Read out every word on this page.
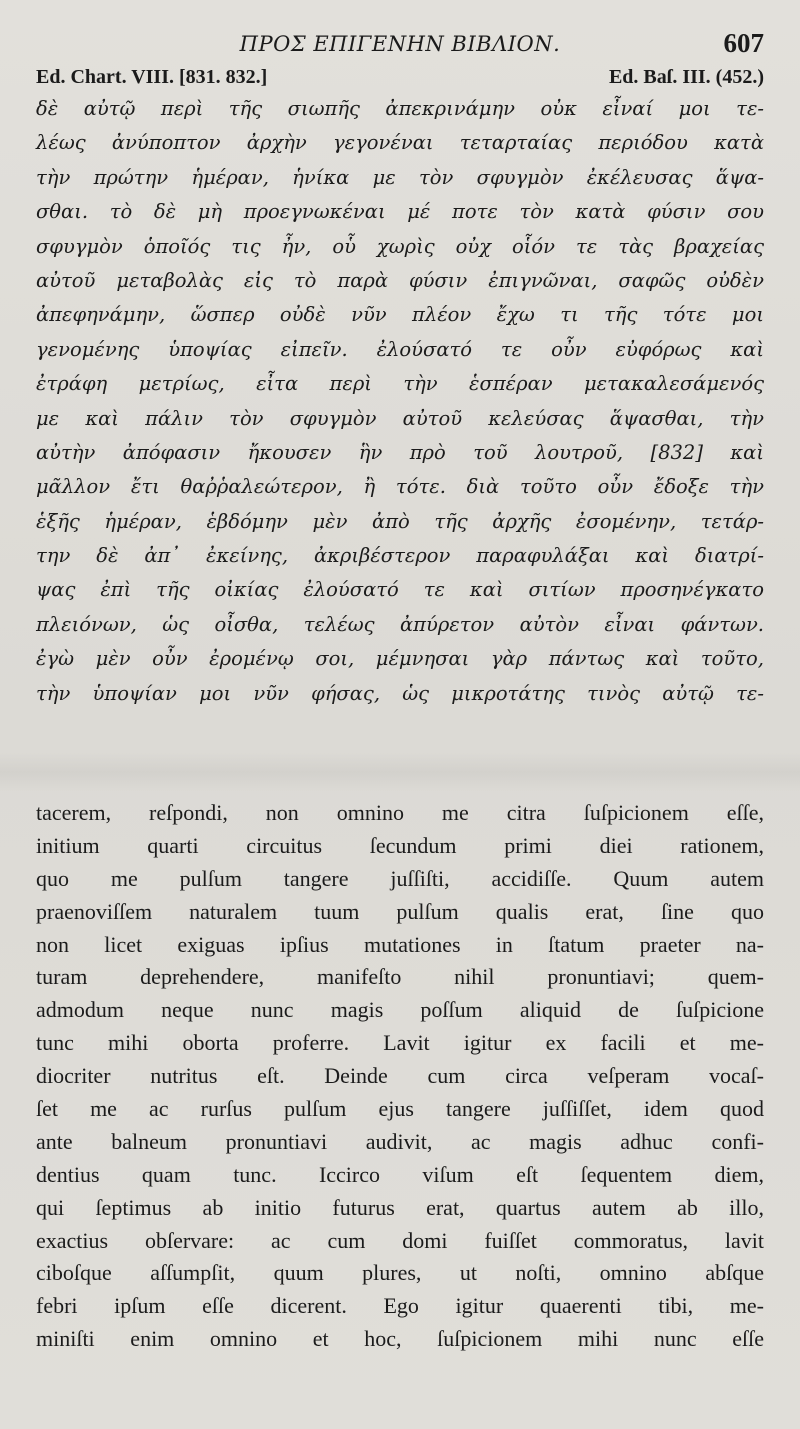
ΠΡΟΣ ΕΠΙΓΕΝΗΝ ΒΙΒΛΙΟΝ.	607
Ed. Chart. VIII. [831. 832.]	Ed. Baſ. III. (452.)
δὲ αὐτῷ περὶ τῆς σιωπῆς ἀπεκρινάμην οὐκ εἶναί μοι τε-
λέως ἀνύποπτον ἀρχὴν γεγονέναι τεταρταίας περιόδου κατὰ
τὴν πρώτην ἡμέραν, ἡνίκα με τὸν σφυγμὸν ἐκέλευσας ἅψα-
σθαι. τὸ δὲ μὴ προεγνωκέναι μέ ποτε τὸν κατὰ φύσιν σου
σφυγμὸν ὁποῖός τις ἦν, οὗ χωρὶς οὐχ οἷόν τε τὰς βραχείας
αὐτοῦ μεταβολὰς εἰς τὸ παρὰ φύσιν ἐπιγνῶναι, σαφῶς οὐδὲν
ἀπεφηνάμην, ὥσπερ οὐδὲ νῦν πλέον ἔχω τι τῆς τότε μοι
γενομένης ὑποψίας εἰπεῖν. ἐλούσατό τε οὖν εὐφόρως καὶ
ἐτράφη μετρίως, εἶτα περὶ τὴν ἑσπέραν μετακαλεσάμενός
με καὶ πάλιν τὸν σφυγμὸν αὐτοῦ κελεύσας ἅψασθαι, τὴν
αὐτὴν ἀπόφασιν ἤκουσεν ἣν πρὸ τοῦ λουτροῦ, [832] καὶ
μᾶλλον ἔτι θαῤῥαλεώτερον, ἢ τότε. διὰ τοῦτο οὖν ἔδοξε τὴν
ἑξῆς ἡμέραν, ἑβδόμην μὲν ἀπὸ τῆς ἀρχῆς ἐσομένην, τετάρ-
την δὲ ἀπ᾽ ἐκείνης, ἀκριβέστερον παραφυλάξαι καὶ διατρί-
ψας ἐπὶ τῆς οἰκίας ἐλούσατό τε καὶ σιτίων προσηνέγκατο
πλειόνων, ὡς οἶσθα, τελέως ἀπύρετον αὐτὸν εἶναι φάντων.
ἐγὼ μὲν οὖν ἐρομένῳ σοι, μέμνησαι γὰρ πάντως καὶ τοῦτο,
τὴν ὑποψίαν μοι νῦν φήσας, ὡς μικροτάτης τινὸς αὐτῷ τε-
tacerem, reſpondi, non omnino me citra ſuſpicionem eſſe,
initium quarti circuitus ſecundum primi diei rationem,
quo me pulſum tangere juſſiſti, accidiſſe. Quum autem
praenoviſſem naturalem tuum pulſum qualis erat, ſine quo
non licet exiguas ipſius mutationes in ſtatum praeter na-
turam deprehendere, manifeſto nihil pronuntiavi; quem-
admodum neque nunc magis poſſum aliquid de ſuſpicione
tunc mihi oborta proferre. Lavit igitur ex facili et me-
diocriter nutritus eſt. Deinde cum circa veſperam vocaſ-
ſet me ac rurſus pulſum ejus tangere juſſiſſet, idem quod
ante balneum pronuntiavi audivit, ac magis adhuc confi-
dentius quam tunc. Iccirco viſum eſt ſequentem diem,
qui ſeptimus ab initio futurus erat, quartus autem ab illo,
exactius obſervare: ac cum domi fuiſſet commoratus, lavit
ciboſque aſſumpſit, quum plures, ut noſti, omnino abſque
febri ipſum eſſe dicerent. Ego igitur quaerenti tibi, me-
miniſti enim omnino et hoc, ſuſpicionem mihi nunc eſſe
